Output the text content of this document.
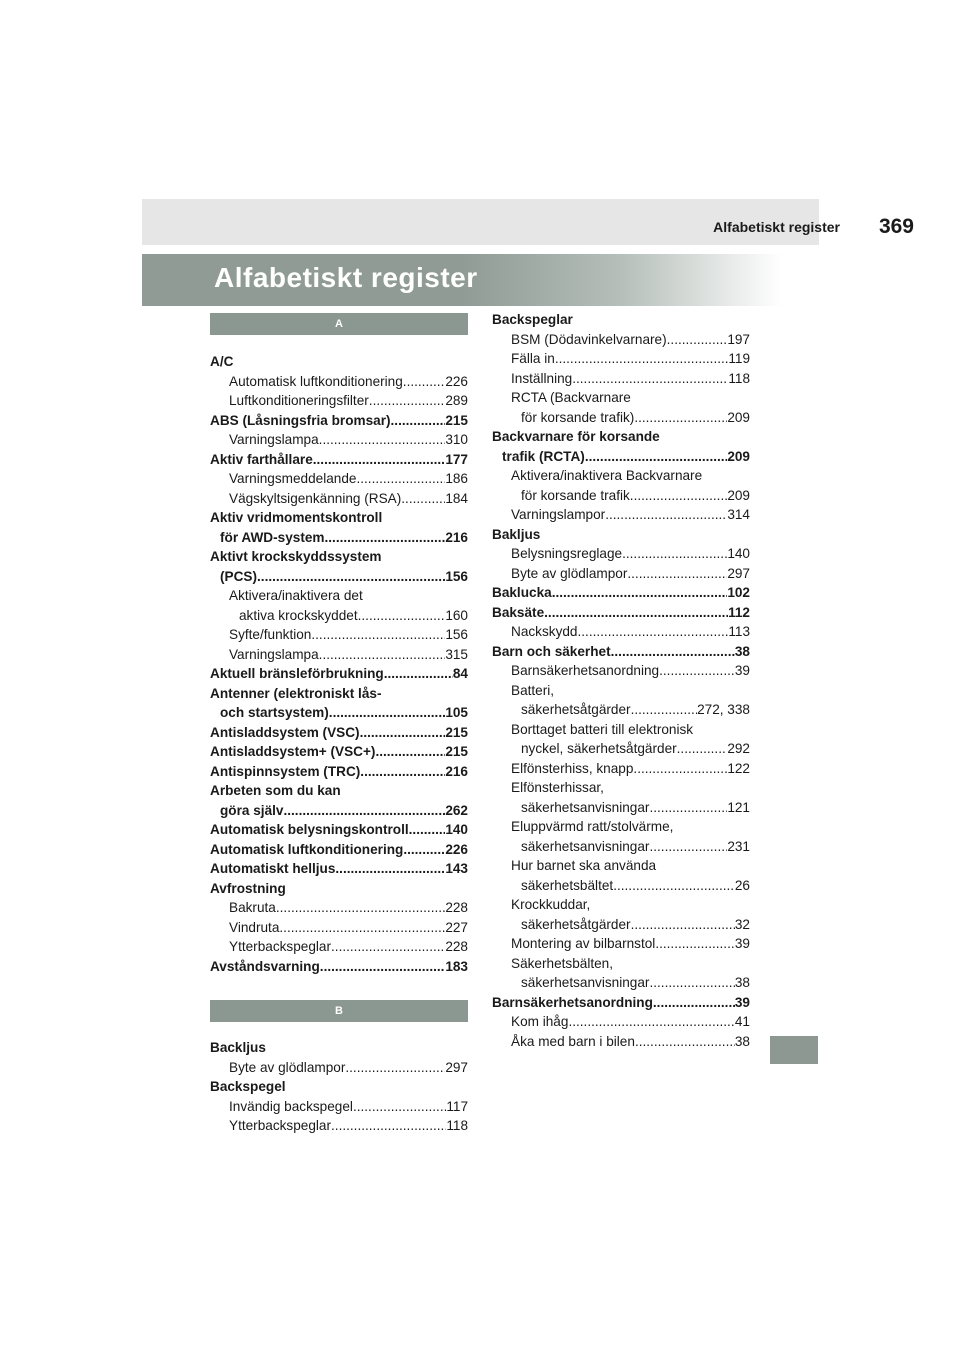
Alfabetiskt register 369
Alfabetiskt register
A
A/C
Automatisk luftkonditionering .....	226
Luftkonditioneringsfilter .....	289
ABS (Låsningsfria bromsar) .....	215
Varningslampa .....	310
Aktiv farthållare .....	177
Varningsmeddelande .....	186
Vägskyltsigenkänning (RSA) .....	184
Aktiv vridmomentskontroll
för AWD-system .....	216
Aktivt krockskyddssystem
(PCS) .....	156
Aktivera/inaktivera det
aktiva krockskyddet .....	160
Syfte/funktion .....	156
Varningslampa .....	315
Aktuell bränsleförbrukning .....	84
Antenner (elektroniskt lås-
och startsystem) .....	105
Antisladdsystem (VSC) .....	215
Antisladdsystem+ (VSC+) .....	215
Antispinnsystem (TRC) .....	216
Arbeten som du kan
göra själv .....	262
Automatisk belysningskontroll .....	140
Automatisk luftkonditionering .....	226
Automatiskt helljus .....	143
Avfrostning
Bakruta .....	228
Vindruta .....	227
Ytterbackspeglar .....	228
Avståndsvarning .....	183
B
Backljus
Byte av glödlampor .....	297
Backspegel
Invändig backspegel .....	117
Ytterbackspeglar .....	118
Backspeglar
BSM (Dödavinkelvarnare) .....	197
Fälla in .....	119
Inställning .....	118
RCTA (Backvarnare
för korsande trafik) .....	209
Backvarnare för korsande
trafik (RCTA) .....	209
Aktivera/inaktivera Backvarnare
för korsande trafik .....	209
Varningslampor .....	314
Bakljus
Belysningsreglage .....	140
Byte av glödlampor .....	297
Baklucka .....	102
Baksäte .....	112
Nackskydd .....	113
Barn och säkerhet .....	38
Barnsäkerhetsanordning .....	39
Batteri,
säkerhetsåtgärder .....	272, 338
Borttaget batteri till elektronisk
nyckel, säkerhetsåtgärder .....	292
Elfönsterhiss, knapp .....	122
Elfönsterhissar,
säkerhetsanvisningar .....	121
Eluppvärmd ratt/stolvärme,
säkerhetsanvisningar .....	231
Hur barnet ska använda
säkerhetsbältet .....	26
Krockkuddar,
säkerhetsåtgärder .....	32
Montering av bilbarnstol .....	39
Säkerhetsbälten,
säkerhetsanvisningar .....	38
Barnsäkerhetsanordning .....	39
Kom ihåg .....	41
Åka med barn i bilen .....	38
